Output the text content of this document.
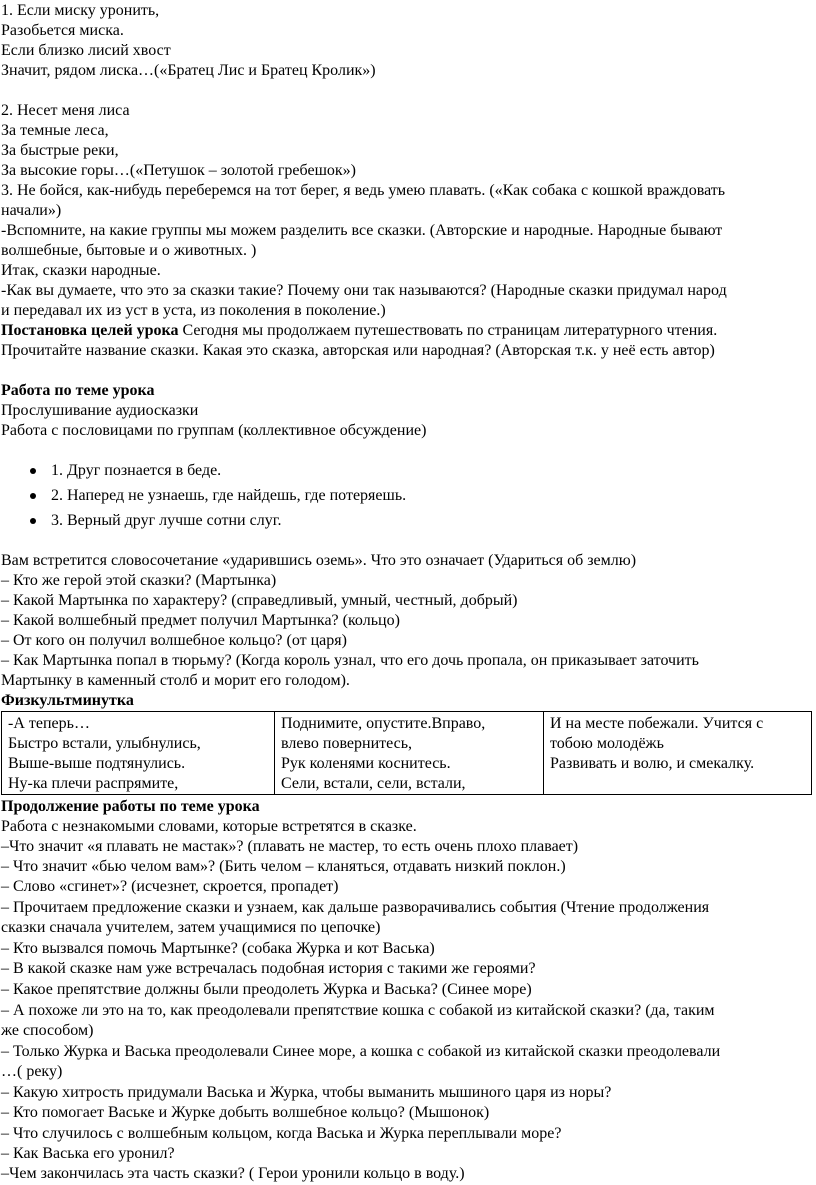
1. Если миску уронить,
Разобьется миска.
Если близко лисий хвост
Значит, рядом лиска…(«Братец Лис и Братец Кролик»)
2. Несет меня лиса
За темные леса,
За быстрые реки,
За высокие горы…(«Петушок – золотой гребешок»)
3. Не бойся, как-нибудь переберемся на тот берег, я ведь умею плавать. («Как собака с кошкой враждовать
начали»)
-Вспомните, на какие группы мы можем разделить все сказки. (Авторские и народные. Народные бывают
волшебные, бытовые и о животных. )
Итак, сказки народные.
-Как вы думаете, что это за сказки такие? Почему они так называются? (Народные сказки придумал народ
и передавал их из уст в уста, из поколения в поколение.)
Постановка целей урока Сегодня мы продолжаем путешествовать по страницам литературного чтения.
Прочитайте название сказки. Какая это сказка, авторская или народная? (Авторская т.к. у неё есть автор)
Работа по теме урока
Прослушивание аудиосказки
Работа с пословицами по группам (коллективное обсуждение)
1. Друг познается в беде.
2. Наперед не узнаешь, где найдешь, где потеряешь.
3. Верный друг лучше сотни слуг.
Вам встретится словосочетание «ударившись оземь». Что это означает (Удариться об землю)
– Кто же герой этой сказки? (Мартынка)
– Какой Мартынка по характеру? (справедливый, умный, честный, добрый)
– Какой волшебный предмет получил Мартынка? (кольцо)
– От кого он получил волшебное кольцо? (от царя)
– Как Мартынка попал в тюрьму? (Когда король узнал, что его дочь пропала, он приказывает заточить
Мартынку в каменный столб и морит его голодом).
Физкультминутка
-А теперь…
Быстро встали, улыбнулись,
Выше-выше подтянулись.
Ну-ка плечи распрямите,

Поднимите, опустите.Вправо,
влево повернитесь,
Рук коленями коснитесь.
Сели, встали, сели, встали,

И на месте побежали. Учится с
тобою молодёжь
Развивать и волю, и смекалку.
Продолжение работы по теме урока
Работа с незнакомыми словами, которые встретятся в сказке.
–Что значит «я плавать не мастак»? (плавать не мастер, то есть очень плохо плавает)
– Что значит «бью челом вам»? (Бить челом – кланяться, отдавать низкий поклон.)
– Слово «сгинет»? (исчезнет, скроется, пропадет)
– Прочитаем предложение сказки и узнаем, как дальше разворачивались события (Чтение продолжения
сказки сначала учителем, затем учащимися по цепочке)
– Кто вызвался помочь Мартынке? (собака Журка и кот Васька)
– В какой сказке нам уже встречалась подобная история с такими же героями?
– Какое препятствие должны были преодолеть Журка и Васька? (Синее море)
– А похоже ли это на то, как преодолевали препятствие кошка с собакой из китайской сказки? (да, таким
же способом)
– Только Журка и Васька преодолевали Синее море, а кошка с собакой из китайской сказки преодолевали
…( реку)
– Какую хитрость придумали Васька и Журка, чтобы выманить мышиного царя из норы?
– Кто помогает Ваське и Журке добыть волшебное кольцо? (Мышонок)
– Что случилось с волшебным кольцом, когда Васька и Журка переплывали море?
– Как Васька его уронил?
–Чем закончилась эта часть сказки? ( Герои уронили кольцо в воду.)
